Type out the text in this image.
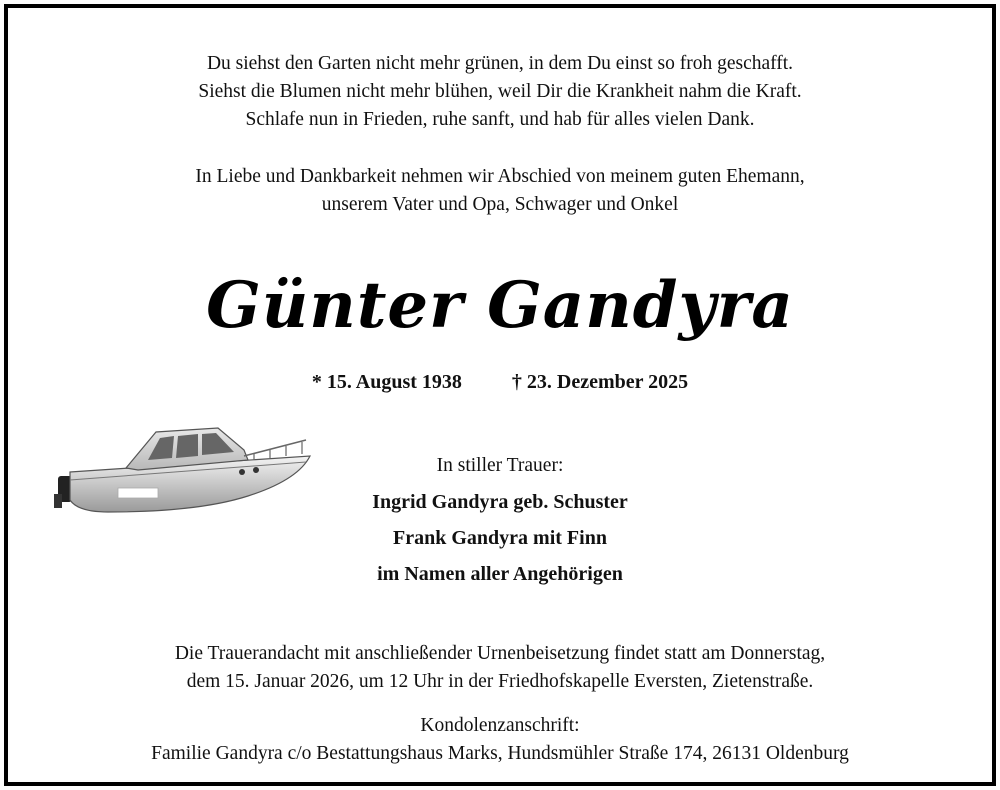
Du siehst den Garten nicht mehr grünen, in dem Du einst so froh geschafft.
Siehst die Blumen nicht mehr blühen, weil Dir die Krankheit nahm die Kraft.
Schlafe nun in Frieden, ruhe sanft, und hab für alles vielen Dank.
In Liebe und Dankbarkeit nehmen wir Abschied von meinem guten Ehemann,
unserem Vater und Opa, Schwager und Onkel
Günter Gandyra
* 15. August 1938	† 23. Dezember 2025
In stiller Trauer:
Ingrid Gandyra geb. Schuster
Frank Gandyra mit Finn
im Namen aller Angehörigen
Die Trauerandacht mit anschließender Urnenbeisetzung findet statt am Donnerstag,
dem 15. Januar 2026, um 12 Uhr in der Friedhofskapelle Eversten, Zietenstraße.
Kondolenzanschrift:
Familie Gandyra c/o Bestattungshaus Marks, Hundsmühler Straße 174, 26131 Oldenburg
